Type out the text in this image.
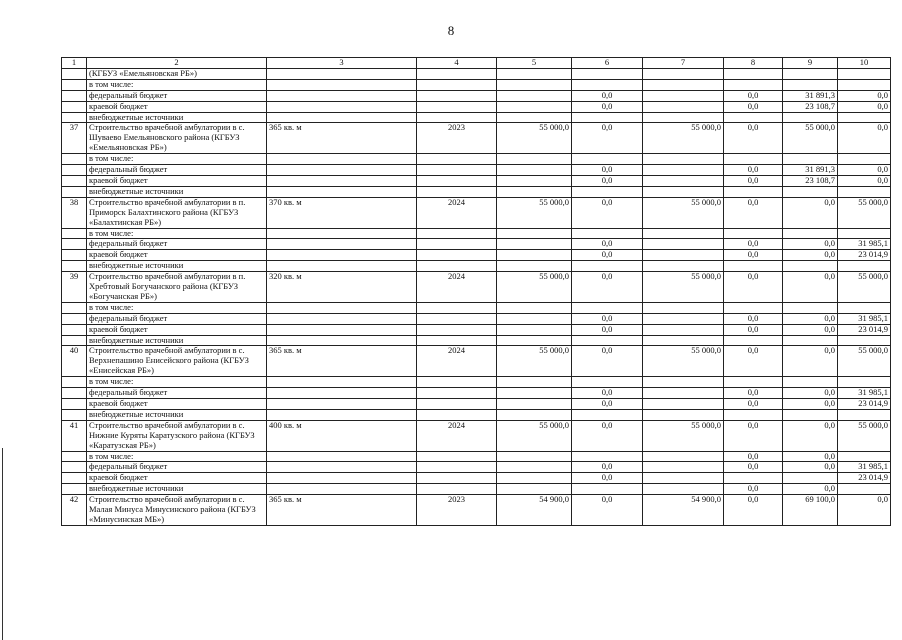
8
1	2	3	4	5	6	7	8	9	10
	(КГБУЗ «Емельяновская РБ»)								
	в том числе:								
	федеральный бюджет				0,0		0,0	31 891,3	0,0
	краевой бюджет				0,0		0,0	23 108,7	0,0
	внебюджетные источники								
37	Строительство врачебной амбулатории в с. Шуваево Емельяновского района (КГБУЗ «Емельяновская РБ»)	365 кв. м	2023	55 000,0	0,0	55 000,0	0,0	55 000,0	0,0
	в том числе:								
	федеральный бюджет				0,0		0,0	31 891,3	0,0
	краевой бюджет				0,0		0,0	23 108,7	0,0
	внебюджетные источники								
38	Строительство врачебной амбулатории в п. Приморск Балахтинского района (КГБУЗ «Балахтинская РБ»)	370 кв. м	2024	55 000,0	0,0	55 000,0	0,0	0,0	55 000,0
	в том числе:								
	федеральный бюджет				0,0		0,0	0,0	31 985,1
	краевой бюджет				0,0		0,0	0,0	23 014,9
	внебюджетные источники								
39	Строительство врачебной амбулатории в п. Хребтовый Богучанского района (КГБУЗ «Богучанская РБ»)	320 кв. м	2024	55 000,0	0,0	55 000,0	0,0	0,0	55 000,0
	в том числе:								
	федеральный бюджет				0,0		0,0	0,0	31 985,1
	краевой бюджет				0,0		0,0	0,0	23 014,9
	внебюджетные источники								
40	Строительство врачебной амбулатории в с. Верхнепашино Енисейского района (КГБУЗ «Енисейская РБ»)	365 кв. м	2024	55 000,0	0,0	55 000,0	0,0	0,0	55 000,0
	в том числе:								
	федеральный бюджет				0,0		0,0	0,0	31 985,1
	краевой бюджет				0,0		0,0	0,0	23 014,9
	внебюджетные источники								
41	Строительство врачебной амбулатории в с. Нижние Куряты Каратузского района (КГБУЗ «Каратузская РБ»)	400 кв. м	2024	55 000,0	0,0	55 000,0	0,0	0,0	55 000,0
	в том числе:						0,0	0,0	
	федеральный бюджет				0,0		0,0	0,0	31 985,1
	краевой бюджет				0,0				23 014,9
	внебюджетные источники						0,0	0,0	
42	Строительство врачебной амбулатории в с. Малая Минуса Минусинского района (КГБУЗ «Минусинская МБ»)	365 кв. м	2023	54 900,0	0,0	54 900,0	0,0	69 100,0	0,0
